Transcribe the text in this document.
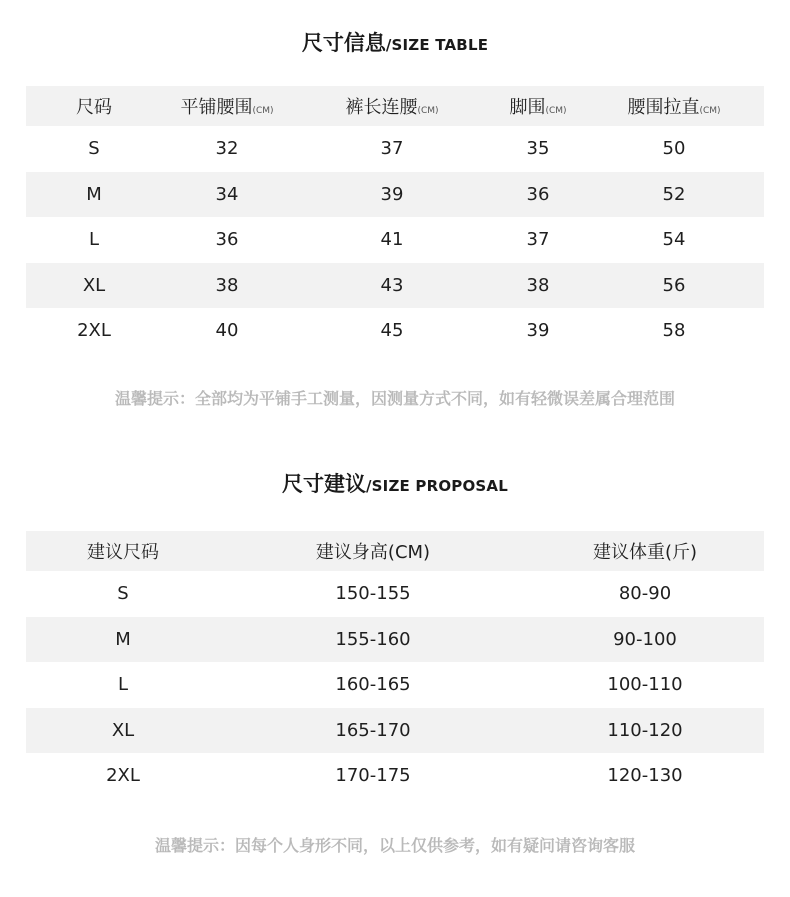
尺寸信息/SIZE TABLE
尺码	平铺腰围(CM)	裤长连腰(CM)	脚围(CM)	腰围拉直(CM)
S	32	37	35	50
M	34	39	36	52
L	36	41	37	54
XL	38	43	38	56
2XL	40	45	39	58
温馨提示：全部均为平铺手工测量，因测量方式不同，如有轻微误差属合理范围
尺寸建议/SIZE PROPOSAL
建议尺码	建议身高(CM)	建议体重(斤)
S	150-155	80-90
M	155-160	90-100
L	160-165	100-110
XL	165-170	110-120
2XL	170-175	120-130
温馨提示：因每个人身形不同，以上仅供参考，如有疑问请咨询客服
